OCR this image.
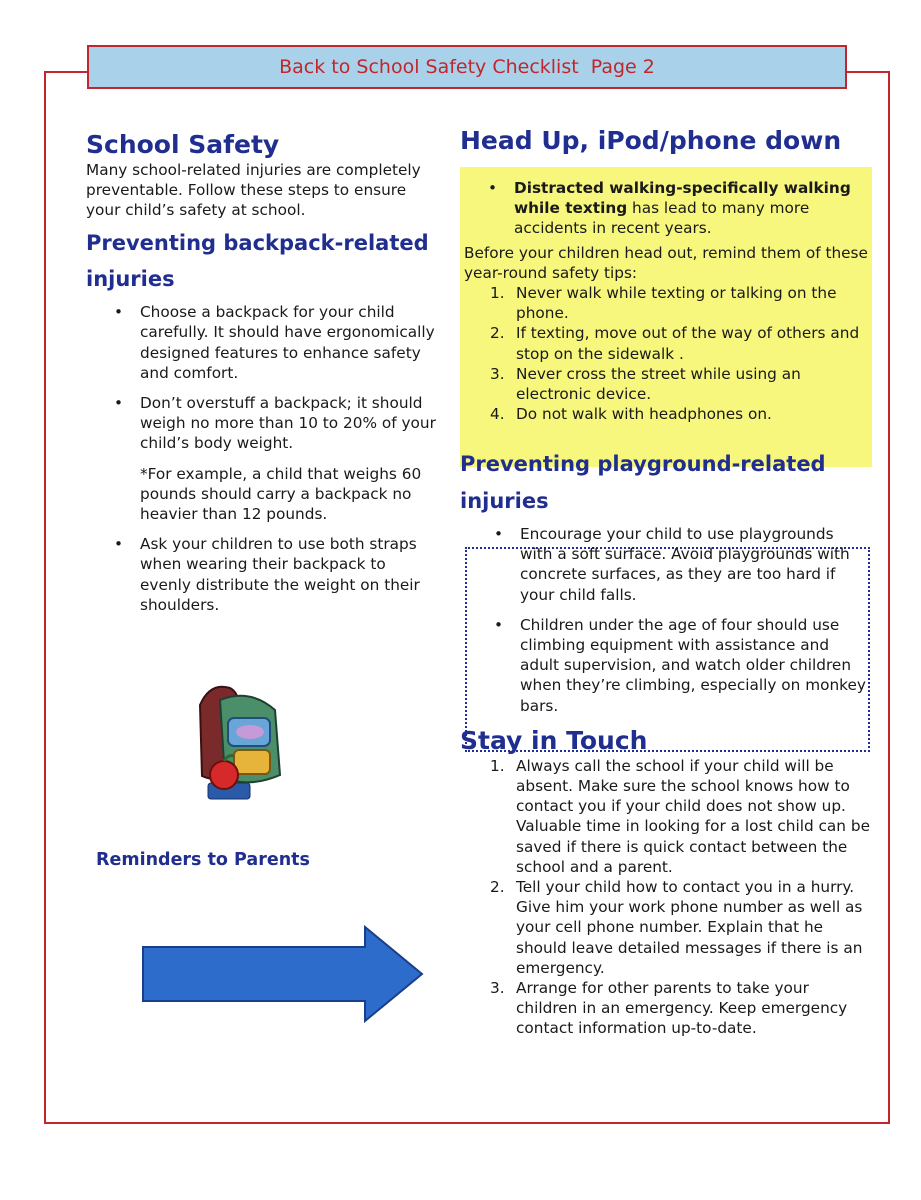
Back to School Safety Checklist  Page 2
School Safety

Many school-related injuries are completely preventable. Follow these steps to ensure your child’s safety at school.

Preventing backpack-related injuries
• Choose a backpack for your child carefully. It should have ergonomically designed features to enhance safety and comfort.
• Don’t overstuff a backpack; it should weigh no more than 10 to 20% of your child’s body weight.
*For example, a child that weighs 60 pounds should carry a backpack no heavier than 12 pounds.
• Ask your children to use both straps when wearing their backpack to evenly distribute the weight on their shoulders.
Reminders to Parents
Head Up, iPod/phone down
• Distracted walking-specifically walking while texting has lead to many more accidents in recent years.

Before your children head out, remind them of these year-round safety tips:

1. Never walk while texting or talking on the phone.
2. If texting, move out of the way of others and stop on the sidewalk .
3. Never cross the street while using an electronic device.
4. Do not walk with headphones on.
Preventing playground-related injuries
• Encourage your child to use playgrounds with a soft surface. Avoid playgrounds with concrete surfaces, as they are too hard if your child falls.
• Children under the age of four should use climbing equipment with assistance and adult supervision, and watch older children when they’re climbing, especially on monkey bars.
Stay in Touch
1. Always call the school if your child will be absent. Make sure the school knows how to contact you if your child does not show up. Valuable time in looking for a lost child can be saved if there is quick contact between the school and a parent.
2. Tell your child how to contact you in a hurry. Give him your work phone number as well as your cell phone number. Explain that he should leave detailed messages if there is an emergency.
3. Arrange for other parents to take your children in an emergency. Keep emergency contact information up-to-date.
